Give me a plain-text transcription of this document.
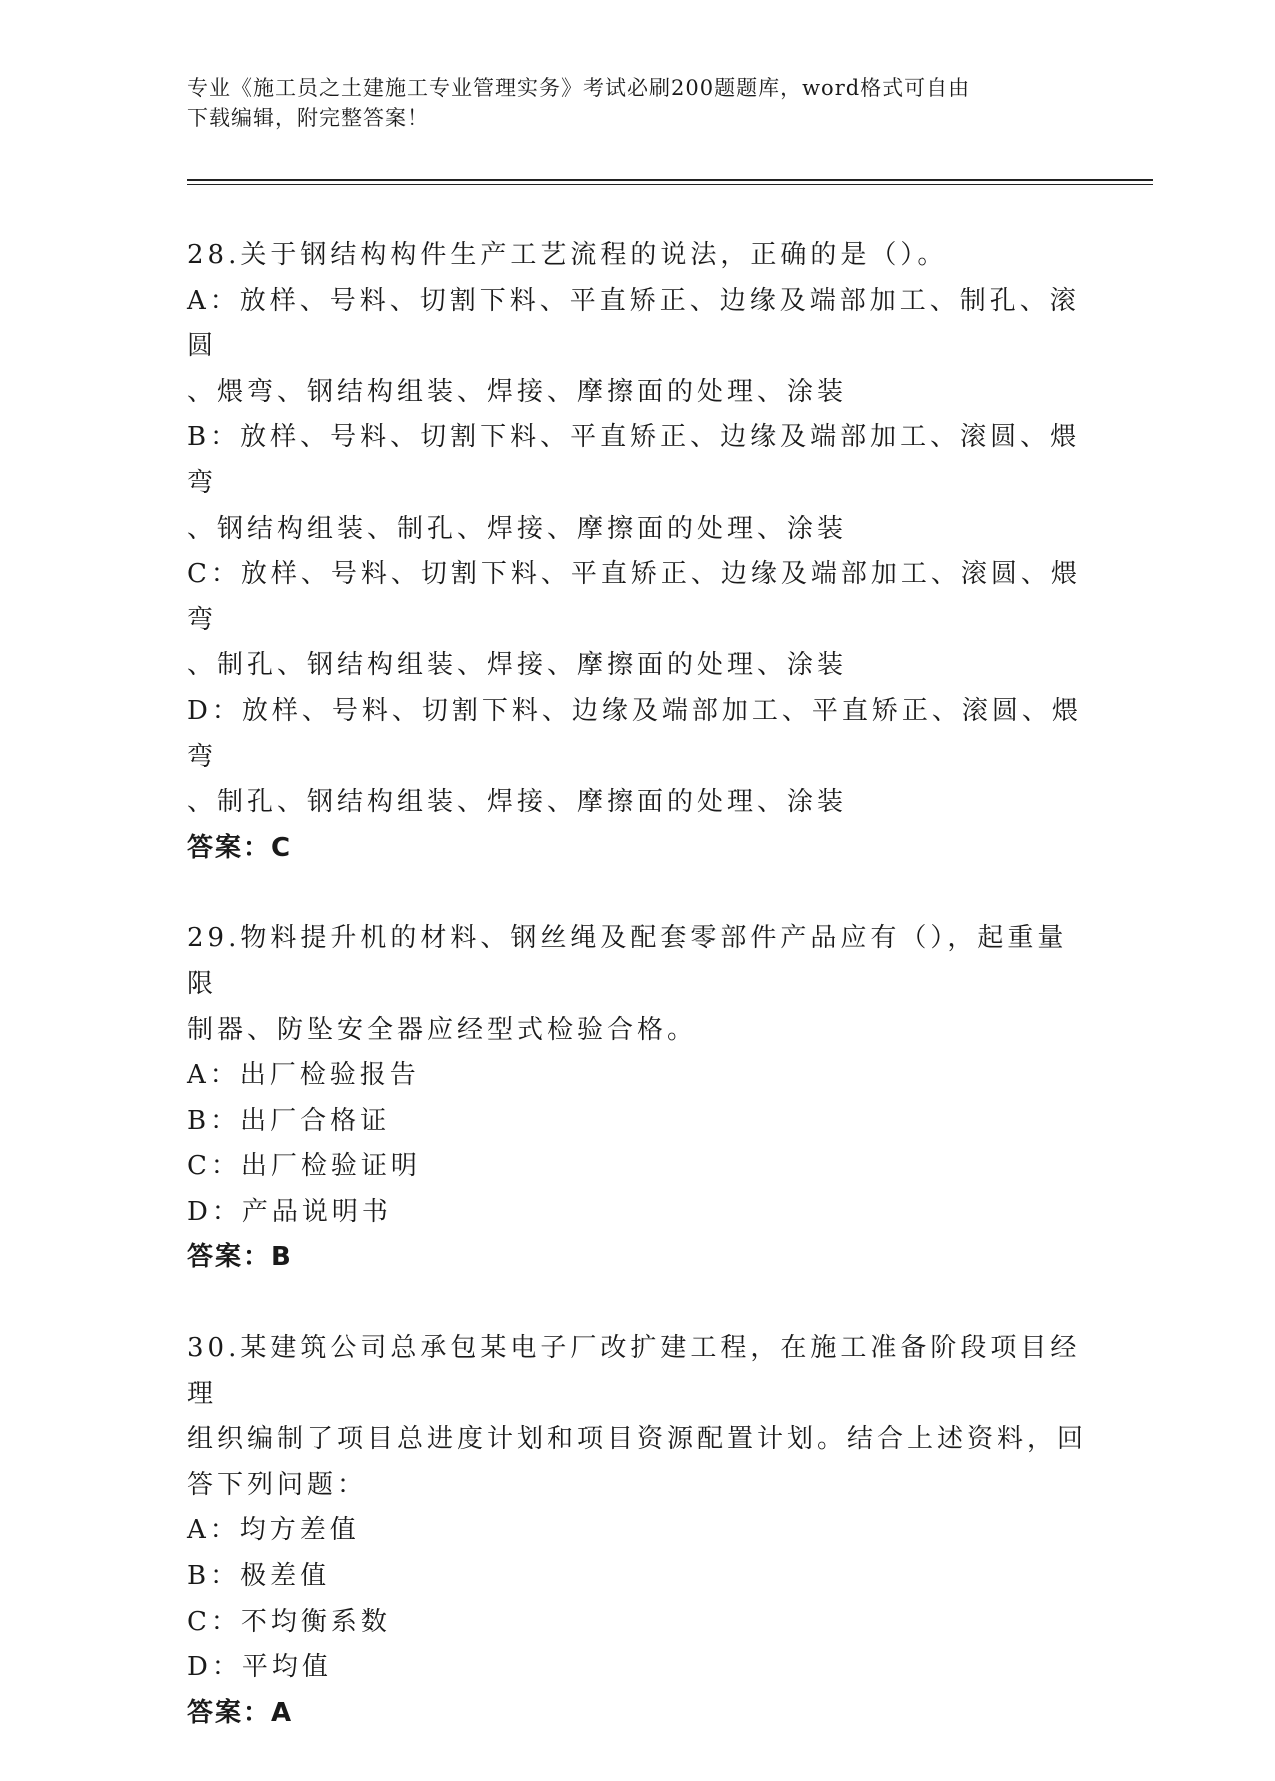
专业《施工员之土建施工专业管理实务》考试必刷200题题库，word格式可自由
下载编辑，附完整答案！
28.关于钢结构构件生产工艺流程的说法，正确的是（）。
A：放样、号料、切割下料、平直矫正、边缘及端部加工、制孔、滚圆
、煨弯、钢结构组装、焊接、摩擦面的处理、涂装
B：放样、号料、切割下料、平直矫正、边缘及端部加工、滚圆、煨弯
、钢结构组装、制孔、焊接、摩擦面的处理、涂装
C：放样、号料、切割下料、平直矫正、边缘及端部加工、滚圆、煨弯
、制孔、钢结构组装、焊接、摩擦面的处理、涂装
D：放样、号料、切割下料、边缘及端部加工、平直矫正、滚圆、煨弯
、制孔、钢结构组装、焊接、摩擦面的处理、涂装
答案：C
29.物料提升机的材料、钢丝绳及配套零部件产品应有（），起重量限
制器、防坠安全器应经型式检验合格。
A：出厂检验报告
B：出厂合格证
C：出厂检验证明
D：产品说明书
答案：B
30.某建筑公司总承包某电子厂改扩建工程，在施工准备阶段项目经理
组织编制了项目总进度计划和项目资源配置计划。结合上述资料，回
答下列问题：
A：均方差值
B：极差值
C：不均衡系数
D：平均值
答案：A
